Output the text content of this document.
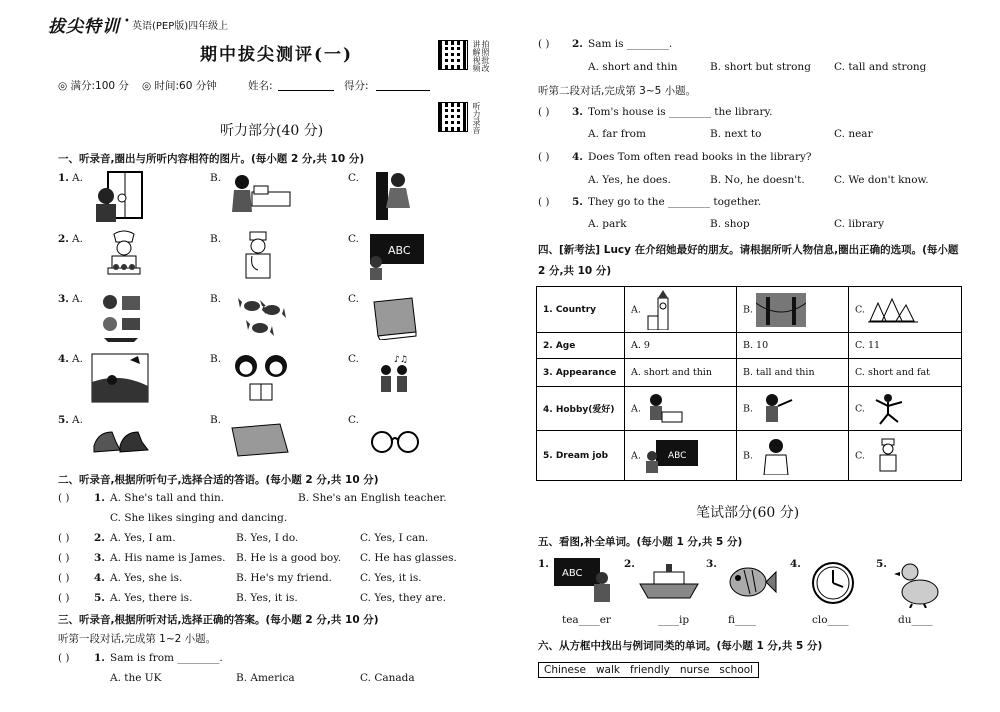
拔尖特训 英语(PEP版)四年级上
•
期中拔尖测评(一)	拍照批改讲解视频
听力录音
◎ 满分:100 分 ◎ 时间:60 分钟	姓名:	得分:
听力部分(40 分)
一、听录音,圈出与所听内容相符的图片。(每小题 2 分,共 10 分)
1. A.	B.	C.
2. A.	B.	C.
3. A.	B.	C.
4. A.	B.	C.
5. A.	B.	C.
ABC
♪♫
二、听录音,根据所听句子,选择合适的答语。(每小题 2 分,共 10 分)
( ) 1. A. She's tall and thin.	B. She's an English teacher.
C. She likes singing and dancing.
( ) 2. A. Yes, I am.	B. Yes, I do.	C. Yes, I can.
( ) 3. A. His name is James. B. He is a good boy. C. He has glasses.
( ) 4. A. Yes, she is.	B. He's my friend.	C. Yes, it is.
( ) 5. A. Yes, there is.	B. Yes, it is.	C. Yes, they are.
三、听录音,根据所听对话,选择正确的答案。(每小题 2 分,共 10 分)
听第一段对话,完成第 1~2 小题。
( ) 1. Sam is from ________.
A. the UK	B. America	C. Canada
( ) 2. Sam is ________.
A. short and thin	B. short but strong C. tall and strong
听第二段对话,完成第 3~5 小题。
( ) 3. Tom's house is ________ the library.
A. far from	B. next to	C. near
( ) 4. Does Tom often read books in the library?
A. Yes, he does.	B. No, he doesn't.	C. We don't know.
( ) 5. They go to the ________ together.
A. park	B. shop	C. library
四、[新考法] Lucy 在介绍她最好的朋友。请根据所听人物信息,圈出正确的选项。(每小题
2 分,共 10 分)
1. Country	A.	B.	C.
2. Age	A. 9	B. 10	C. 11
3. Appearance	A. short and thin	B. tall and thin	C. short and fat
4. Hobby(爱好)	A.	B.	C.
5. Dream job	A. ABC	B.	C.
笔试部分(60 分)
五、看图,补全单词。(每小题 1 分,共 5 分)
1.
ABC
tea____er
2.
____ip
3.
fi____
4.
clo____
5.
du____
六、从方框中找出与例词同类的单词。(每小题 1 分,共 5 分)
Chinese   walk   friendly   nurse   school
